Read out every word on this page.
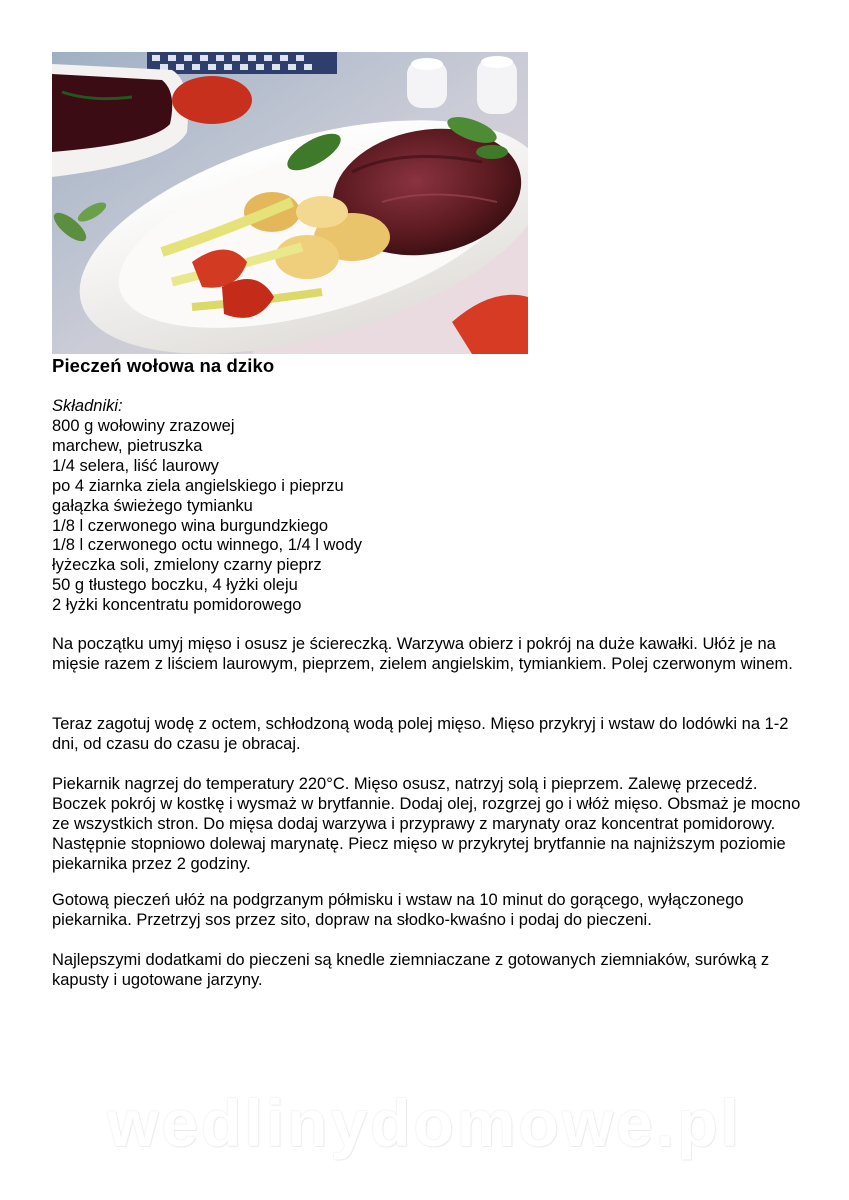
Pieczeń wołowa na dziko
Składniki:
800 g wołowiny zrazowej
marchew, pietruszka
1/4 selera, liść laurowy
po 4 ziarnka ziela angielskiego i pieprzu
gałązka świeżego tymianku
1/8 l czerwonego wina burgundzkiego
1/8 l czerwonego octu winnego, 1/4 l wody
łyżeczka soli, zmielony czarny pieprz
50 g tłustego boczku, 4 łyżki oleju
2 łyżki koncentratu pomidorowego

Na początku umyj mięso i osusz je ściereczką. Warzywa obierz i pokrój na duże kawałki. Ułóż je na mięsie razem z liściem laurowym, pieprzem, zielem angielskim, tymiankiem. Polej czerwonym winem.

Teraz zagotuj wodę z octem, schłodzoną wodą polej mięso. Mięso przykryj i wstaw do lodówki na 1-2 dni, od czasu do czasu je obracaj.

Piekarnik nagrzej do temperatury 220°C. Mięso osusz, natrzyj solą i pieprzem. Zalewę przecedź. Boczek pokrój w kostkę i wysmaż w brytfannie. Dodaj olej, rozgrzej go i włóż mięso. Obsmaż je mocno ze wszystkich stron. Do mięsa dodaj warzywa i przyprawy z marynaty oraz koncentrat pomidorowy. Następnie stopniowo dolewaj marynatę. Piecz mięso w przykrytej brytfannie na najniższym poziomie piekarnika przez 2 godziny.

Gotową pieczeń ułóż na podgrzanym półmisku i wstaw na 10 minut do gorącego, wyłączonego piekarnika. Przetrzyj sos przez sito, dopraw na słodko-kwaśno i podaj do pieczeni.

Najlepszymi dodatkami do pieczeni są knedle ziemniaczane z gotowanych ziemniaków, surówką z kapusty i ugotowane jarzyny.

wedlinydomowe.pl
